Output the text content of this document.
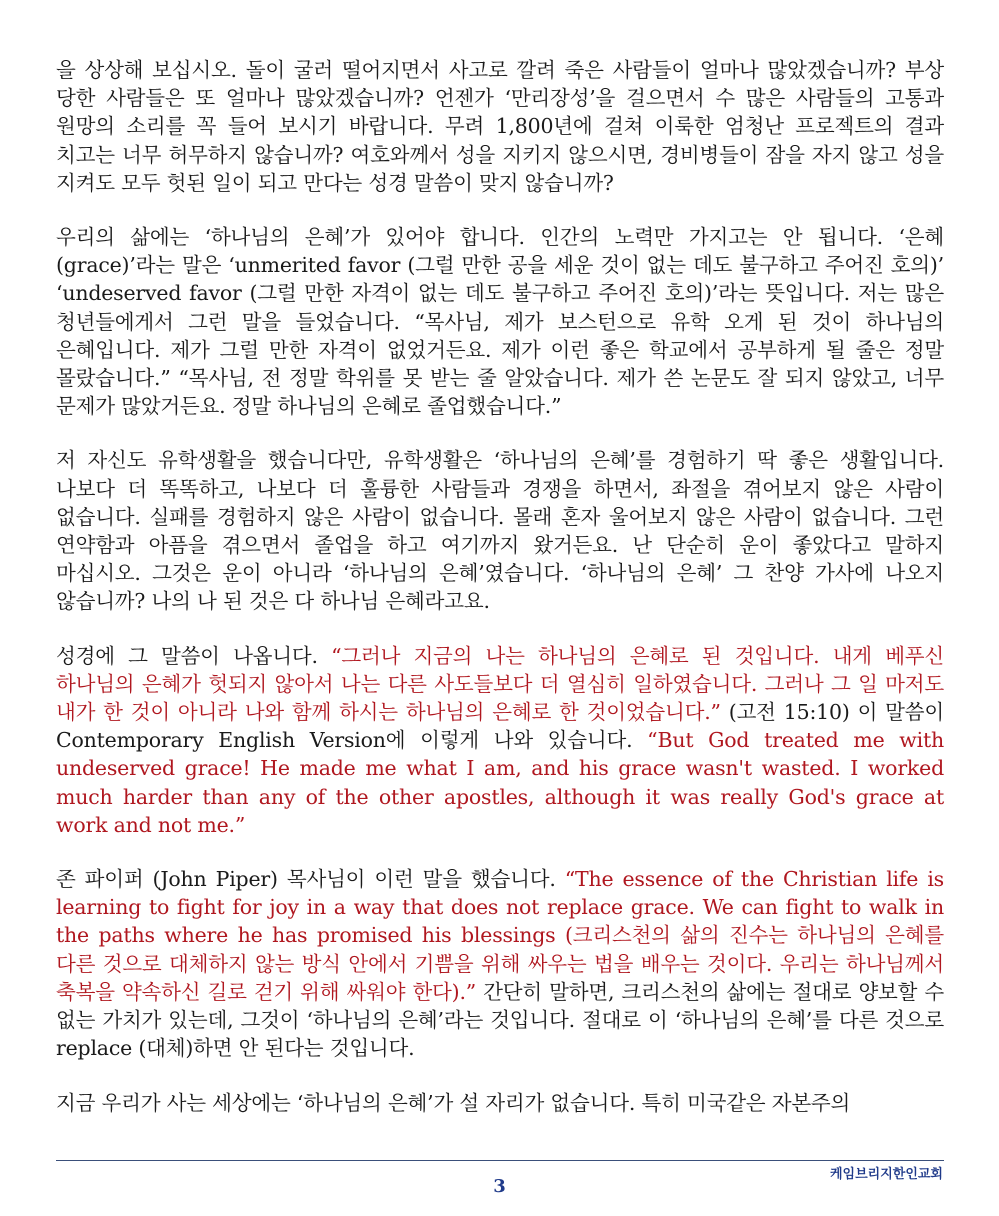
을 상상해 보십시오. 돌이 굴러 떨어지면서 사고로 깔려 죽은 사람들이 얼마나 많았겠습니까? 부상 당한 사람들은 또 얼마나 많았겠습니까? 언젠가 ‘만리장성’을 걸으면서 수 많은 사람들의 고통과 원망의 소리를 꼭 들어 보시기 바랍니다. 무려 1,800년에 걸쳐 이룩한 엄청난 프로젝트의 결과 치고는 너무 허무하지 않습니까? 여호와께서 성을 지키지 않으시면, 경비병들이 잠을 자지 않고 성을 지켜도 모두 헛된 일이 되고 만다는 성경 말씀이 맞지 않습니까?

우리의 삶에는 ‘하나님의 은혜’가 있어야 합니다. 인간의 노력만 가지고는 안 됩니다. ‘은혜(grace)’라는 말은 ‘unmerited favor (그럴 만한 공을 세운 것이 없는 데도 불구하고 주어진 호의)’ ‘undeserved favor (그럴 만한 자격이 없는 데도 불구하고 주어진 호의)’라는 뜻입니다. 저는 많은 청년들에게서 그런 말을 들었습니다. “목사님, 제가 보스턴으로 유학 오게 된 것이 하나님의 은혜입니다. 제가 그럴 만한 자격이 없었거든요. 제가 이런 좋은 학교에서 공부하게 될 줄은 정말 몰랐습니다.” “목사님, 전 정말 학위를 못 받는 줄 알았습니다. 제가 쓴 논문도 잘 되지 않았고, 너무 문제가 많았거든요. 정말 하나님의 은혜로 졸업했습니다.”

저 자신도 유학생활을 했습니다만, 유학생활은 ‘하나님의 은혜’를 경험하기 딱 좋은 생활입니다. 나보다 더 똑똑하고, 나보다 더 훌륭한 사람들과 경쟁을 하면서, 좌절을 겪어보지 않은 사람이 없습니다. 실패를 경험하지 않은 사람이 없습니다. 몰래 혼자 울어보지 않은 사람이 없습니다. 그런 연약함과 아픔을 겪으면서 졸업을 하고 여기까지 왔거든요. 난 단순히 운이 좋았다고 말하지 마십시오. 그것은 운이 아니라 ‘하나님의 은혜’였습니다. ‘하나님의 은혜’ 그 찬양 가사에 나오지 않습니까? 나의 나 된 것은 다 하나님 은혜라고요.

성경에 그 말씀이 나옵니다. “그러나 지금의 나는 하나님의 은혜로 된 것입니다. 내게 베푸신 하나님의 은혜가 헛되지 않아서 나는 다른 사도들보다 더 열심히 일하였습니다. 그러나 그 일 마저도 내가 한 것이 아니라 나와 함께 하시는 하나님의 은혜로 한 것이었습니다.” (고전 15:10) 이 말씀이 Contemporary English Version에 이렇게 나와 있습니다. “But God treated me with undeserved grace! He made me what I am, and his grace wasn't wasted. I worked much harder than any of the other apostles, although it was really God's grace at work and not me.”

존 파이퍼 (John Piper) 목사님이 이런 말을 했습니다. “The essence of the Christian life is learning to fight for joy in a way that does not replace grace. We can fight to walk in the paths where he has promised his blessings (크리스천의 삶의 진수는 하나님의 은혜를 다른 것으로 대체하지 않는 방식 안에서 기쁨을 위해 싸우는 법을 배우는 것이다. 우리는 하나님께서 축복을 약속하신 길로 걷기 위해 싸워야 한다).” 간단히 말하면, 크리스천의 삶에는 절대로 양보할 수 없는 가치가 있는데, 그것이 ‘하나님의 은혜’라는 것입니다. 절대로 이 ‘하나님의 은혜’를 다른 것으로 replace (대체)하면 안 된다는 것입니다.

지금 우리가 사는 세상에는 ‘하나님의 은혜’가 설 자리가 없습니다. 특히 미국같은 자본주의

3
케임브리지한인교회
